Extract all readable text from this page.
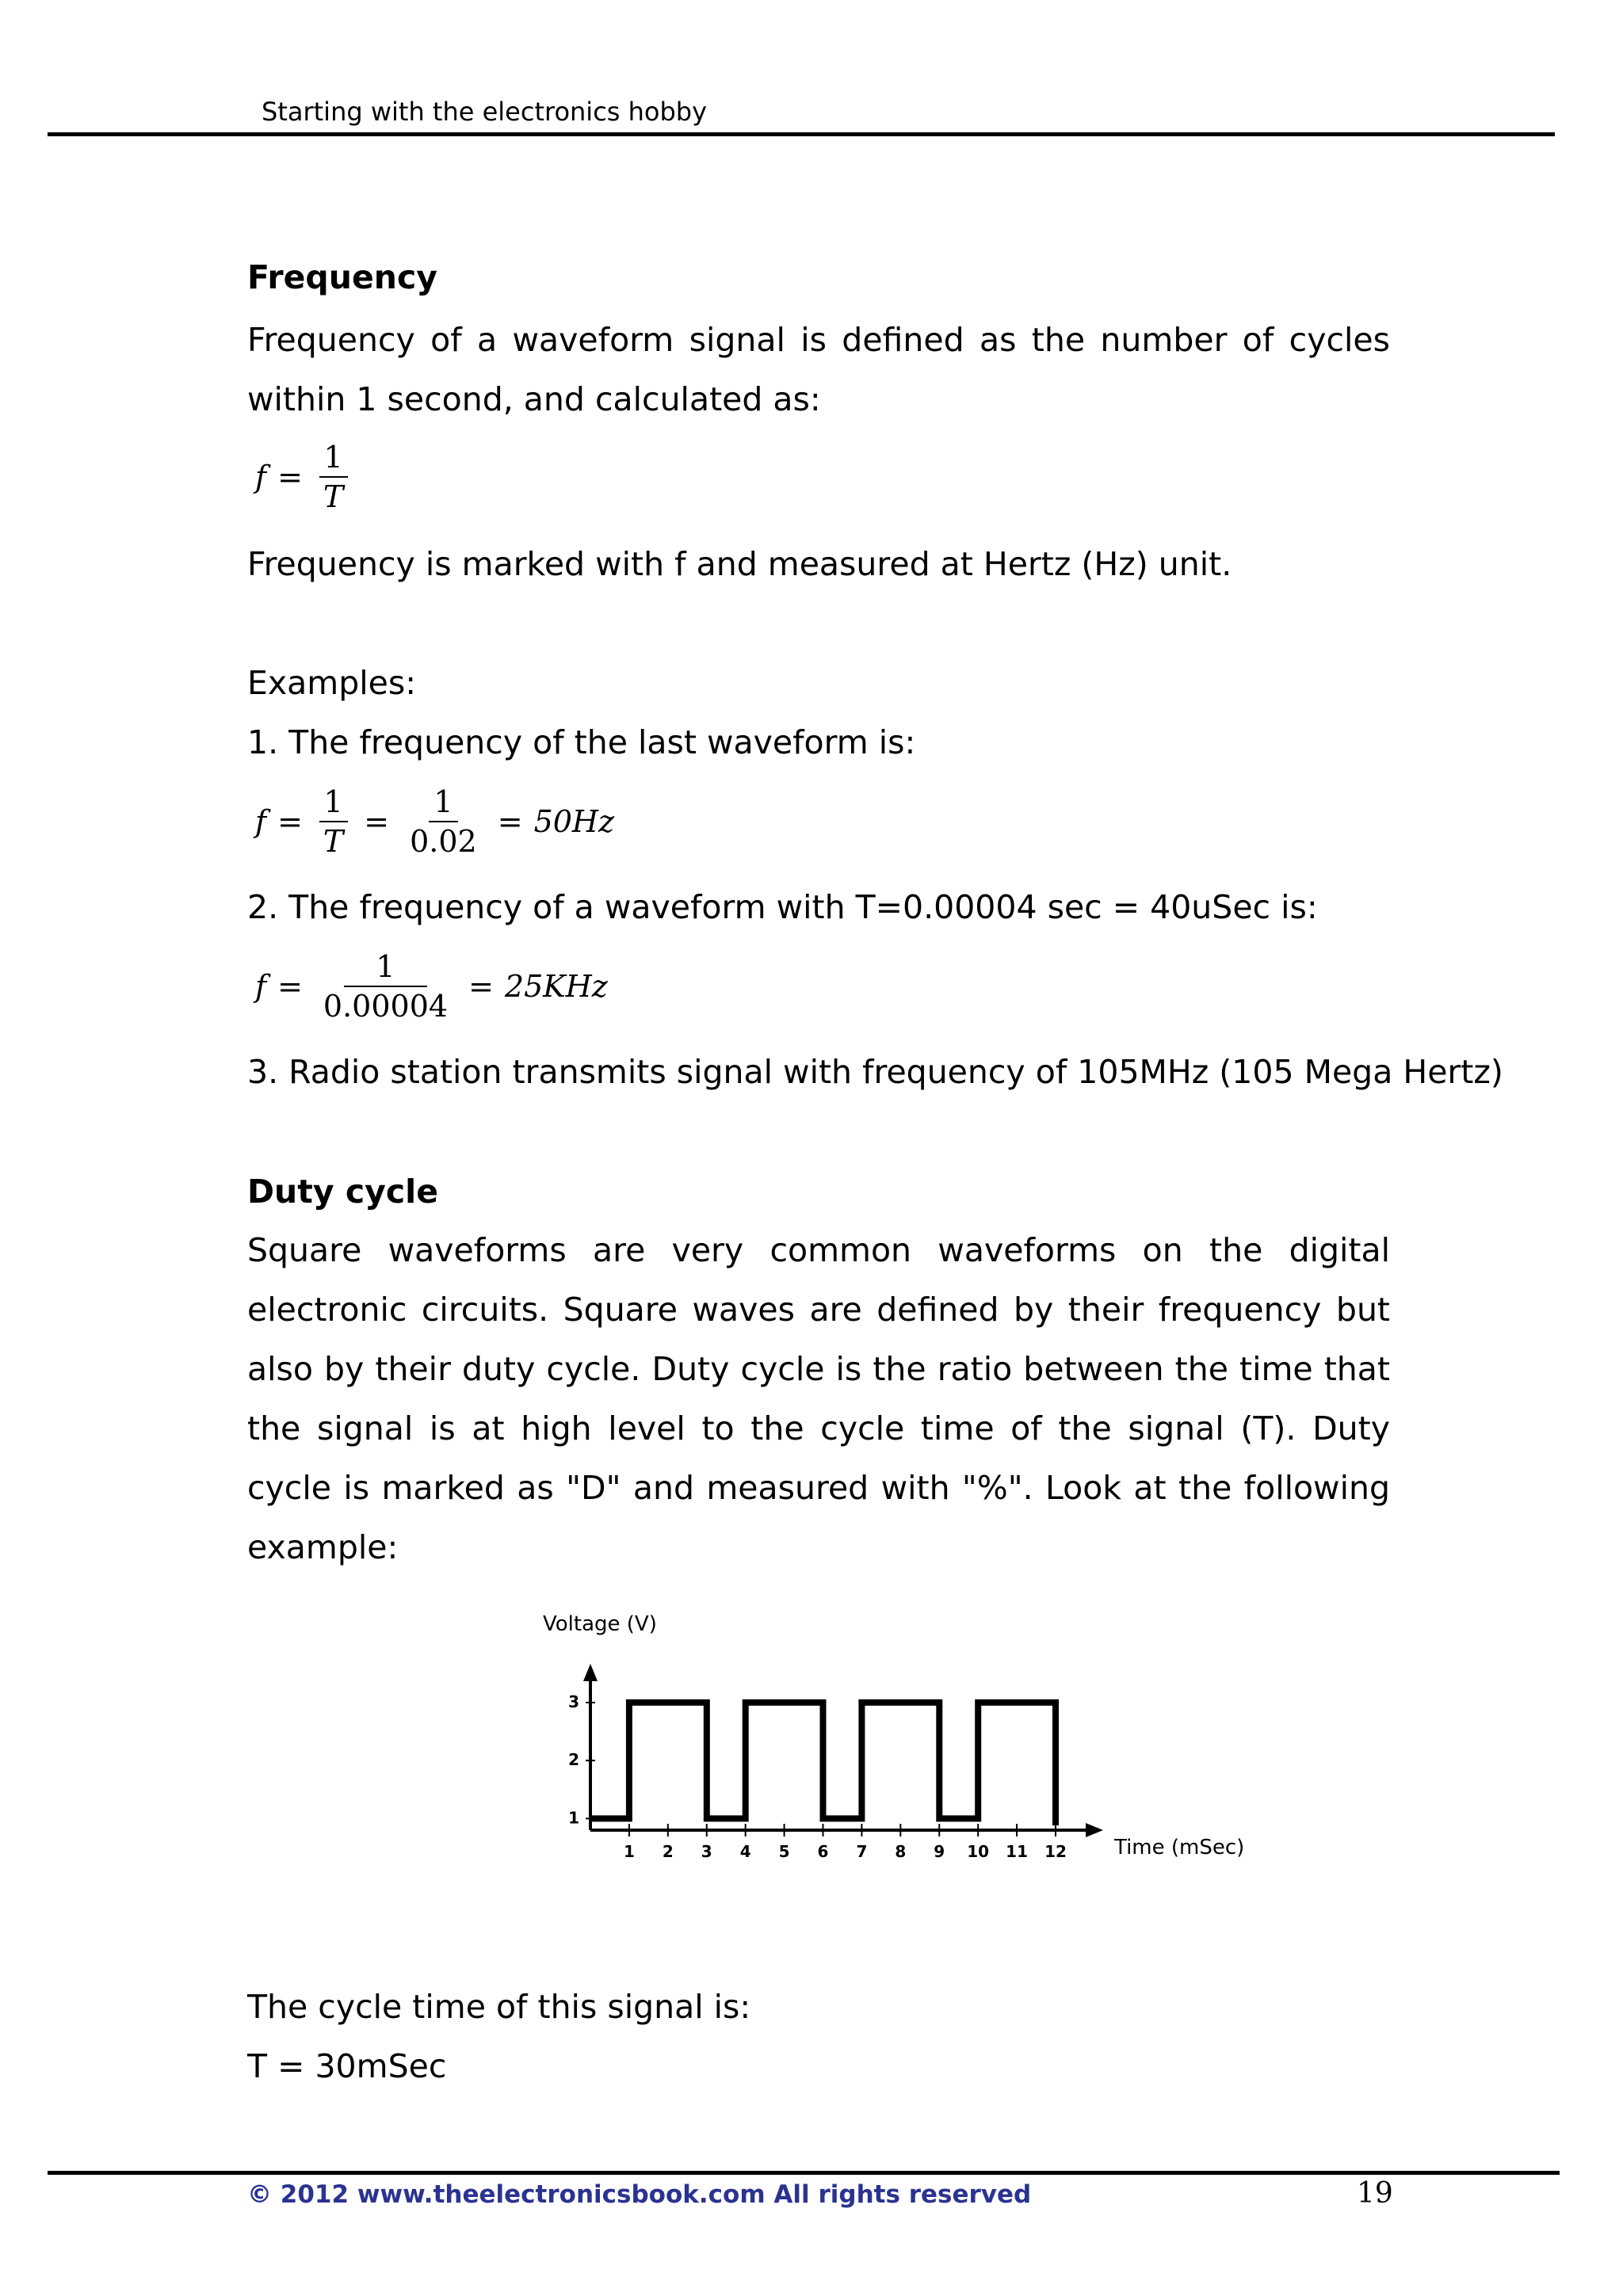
Starting with the electronics hobby
Frequency
Frequency of a waveform signal is defined as the number of cycles within 1 second, and calculated as:
$f = \frac{1}{T}$
Frequency is marked with f and measured at Hertz (Hz) unit.
Examples:
1. The frequency of the last waveform is:
$f = \frac{1}{T} = \frac{1}{0.02} = 50Hz$
2. The frequency of a waveform with T=0.00004 sec = 40uSec is:
$f = \frac{1}{0.00004} = 25KHz$
3. Radio station transmits signal with frequency of 105MHz (105 Mega Hertz)
Duty cycle
Square waveforms are very common waveforms on the digital electronic circuits. Square waves are defined by their frequency but also by their duty cycle. Duty cycle is the ratio between the time that the signal is at high level to the cycle time of the signal (T). Duty cycle is marked as "D" and measured with "%". Look at the following example:
Voltage (V)
Time (mSec)
1 2 3 4 5 6 7 8 9 10 11 12
1
2
3
The cycle time of this signal is:
T = 30mSec
© 2012 www.theelectronicsbook.com All rights reserved	19
